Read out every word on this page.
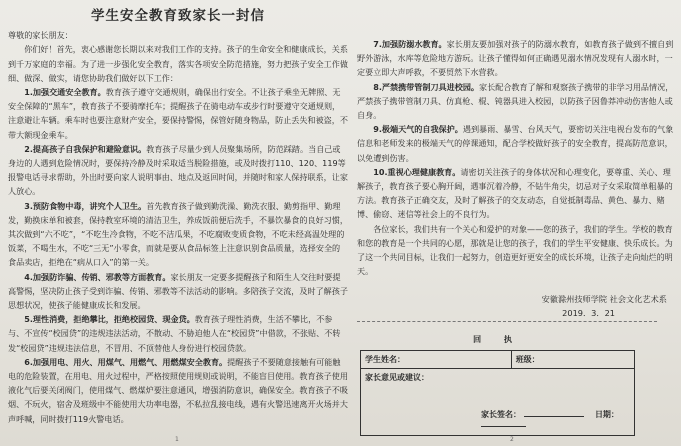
学生安全教育致家长一封信

尊敬的家长朋友：

你们好！首先，衷心感谢您长期以来对我们工作的支持。孩子的生命安全和健康成长，关系到千万家庭的幸福。为了进一步强化安全教育，落实各项安全防范措施，努力把孩子安全工作做细、做深、做实，请您协助我们做好以下工作：

1.加强交通安全教育。教育孩子遵守交通规则，确保出行安全。不让孩子乘坐无牌照、无安全保障的“黑车”，教育孩子不要骑摩托车；提醒孩子在骑电动车或步行时要遵守交通规则，注意避让车辆。乘车时也要注意财产安全，要保持警惕，保管好随身物品，防止丢失和被盗，不带大额现金乘车。

2.提高孩子自我保护和避险意识。教育孩子尽量少到人员聚集场所，防范踩踏。当自己或身边的人遇到危险情况时，要保持冷静及时采取适当脱险措施，或及时拨打110、120、119等报警电话寻求帮助，外出时要向家人说明事由、地点及返回时间，并随时和家人保持联系，让家人放心。

3.预防食物中毒，讲究个人卫生。首先教育孩子做到勤洗澡、勤洗衣服、勤剪指甲、勤理发，勤换床单和被套，保持教室环境的清洁卫生，养成饭前便后洗手，不暴饮暴食的良好习惯，其次做到“六不吃”，“不吃生冷食物，不吃不洁瓜果，不吃腐败变质食物，不吃未经高温处理的饭菜，不喝生水，不吃“三无”小零食，而就是要从食品标签上注意识别食品质量，选择安全的食品卖店，拒绝在“病从口入”的第一关。

4.加强防诈骗、传销、邪教等方面教育。家长朋友一定要多提醒孩子和陌生人交往时要提高警惕，坚决防止孩子受到诈骗、传销、邪教等不法活动的影响。多陪孩子交流，及时了解孩子思想状况，使孩子能健康成长和发展。

5.理性消费，拒绝攀比，拒绝校园贷、现金贷。教育孩子理性消费，生活不攀比，不参与、不宣传“校园贷”的违规违法活动，不散动、不胁迫他人在“校园贷”中借款，不张贴、不转发“校园贷”违规违法信息，不冒用、不顶替他人身份进行校园贷款。

6.加强用电、用火、用煤气、用燃气、用燃煤安全教育。提醒孩子不要随意接触有可能触电的危险装置，在用电、用火过程中，严格按照使用规则或说明，不能盲目使用。教育孩子使用液化气后要关闭阀门，使用煤气、燃煤炉要注意通风，增强消防意识，确保安全。教育孩子不吸烟、不玩火，宿舍及班级中不能使用大功率电器，不私拉乱接电线，遇有火警迅速离开火场并大声呼喊，同时拨打119火警电话。

7.加强防溺水教育。家长朋友要加强对孩子的防溺水教育，如教育孩子做到不擅自到野外游泳，水库等危险地方游玩。让孩子懂得如何正确遇见溺水情况发现有人溺水时，一定要立即大声呼救，不要贸然下水营救。

8.严禁携带管制刀具进校园。家长配合教育了解和观察孩子携带的非学习用品情况，严禁孩子携带管制刀具、仿真枪、棍、钝器具进入校园，以防孩子因鲁莽冲动伤害他人或自身。

9.极端天气的自我保护。遇到暴雨、暴雪、台风天气，要密切关注电视台发布的气象信息和老师发来的极端天气的停课通知，配合学校做好孩子的安全教育，提高防范意识，以免遭到伤害。

10.重视心理健康教育。请密切关注孩子的身体状况和心理变化，要尊重、关心、理解孩子，教育孩子要心胸开阔，遇事沉着冷静，不钻牛角尖，切忌对子女采取简单粗暴的方法。教育孩子正确交友，及时了解孩子的交友动态，自觉抵制毒品、黄色、暴力、赌博、偷窃、迷信等社会上的不良行为。

各位家长，我们共有一个关心和爱护的对象——您的孩子，我们的学生。学校的教育和您的教育是一个共同的心愿，那就是让您的孩子，我们的学生平安健康、快乐成长。为了这一个共同目标，让我们一起努力，创造更好更安全的成长环境，让孩子走向灿烂的明天。

安徽滁州技师学院 社会文化艺术系
2019．3．21
回 执
学生姓名：	班级：
家长意见或建议：
家长签名：	日期：
1	2
